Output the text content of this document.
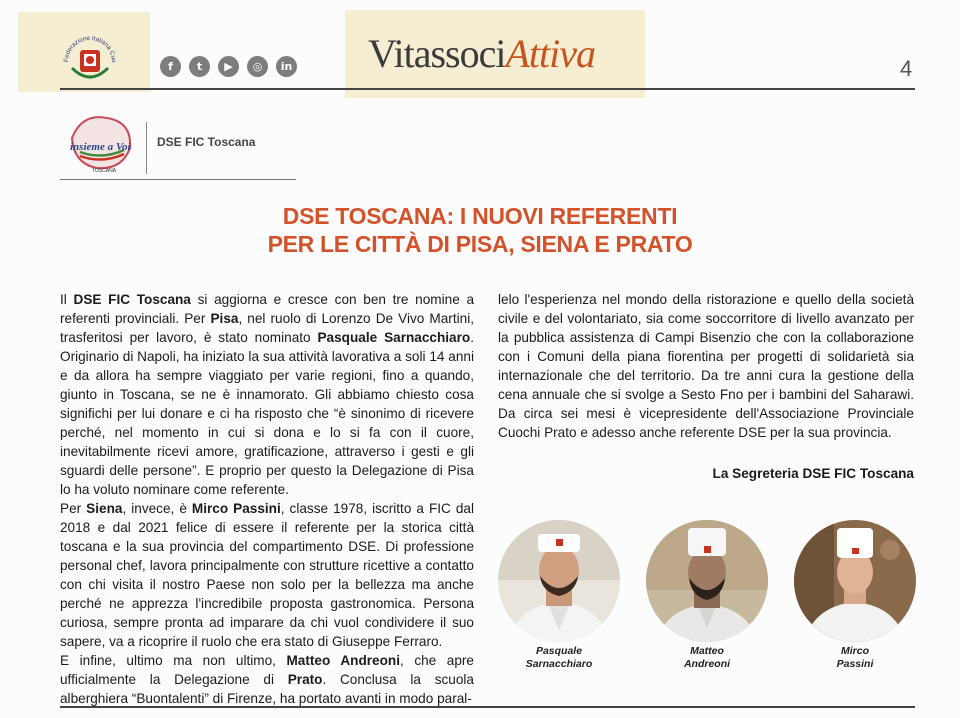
Federazione Italiana Cuo	f	t	▶	◎	in VitassociAttiva	4
insieme a Voi
TOSCANA
DSE FIC Toscana
DSE TOSCANA: I NUOVI REFERENTI
PER LE CITTÀ DI PISA, SIENA E PRATO

Il DSE FIC Toscana si aggiorna e cresce con ben tre nomine a referenti provinciali. Per Pisa, nel ruolo di Lorenzo De Vivo Martini, trasferitosi per lavoro, è stato nominato Pasquale Sarnacchiaro. Originario di Napoli, ha iniziato la sua attività lavorativa a soli 14 anni e da allora ha sempre viaggiato per varie regioni, fino a quando, giunto in Toscana, se ne è innamorato. Gli abbiamo chiesto cosa significhi per lui donare e ci ha risposto che “è sinonimo di ricevere perché, nel momento in cui si dona e lo si fa con il cuore, inevitabilmente ricevi amore, gratificazione, attraverso i gesti e gli sguardi delle persone”. E proprio per questo la Delegazione di Pisa lo ha voluto nominare come referente.

Per Siena, invece, è Mirco Passini, classe 1978, iscritto a FIC dal 2018 e dal 2021 felice di essere il referente per la storica città toscana e la sua provincia del compartimento DSE. Di professione personal chef, lavora principalmente con strutture ricettive a contatto con chi visita il nostro Paese non solo per la bellezza ma anche perché ne apprezza l'incredibile proposta gastronomica. Persona curiosa, sempre pronta ad imparare da chi vuol condividere il suo sapere, va a ricoprire il ruolo che era stato di Giuseppe Ferraro.

E infine, ultimo ma non ultimo, Matteo Andreoni, che apre ufficialmente la Delegazione di Prato. Conclusa la scuola alberghiera “Buontalenti” di Firenze, ha portato avanti in modo paral-

lelo l'esperienza nel mondo della ristorazione e quello della società civile e del volontariato, sia come soccorritore di livello avanzato per la pubblica assistenza di Campi Bisenzio che con la collaborazione con i Comuni della piana fiorentina per progetti di solidarietà sia internazionale che del territorio. Da tre anni cura la gestione della cena annuale che si svolge a Sesto Fno per i bambini del Saharawi. Da circa sei mesi è vicepresidente dell'Associazione Provinciale Cuochi Prato e adesso anche referente DSE per la sua provincia.

La Segreteria DSE FIC Toscana
Pasquale
Sarnacchiaro
Matteo
Andreoni
Mirco
Passini
